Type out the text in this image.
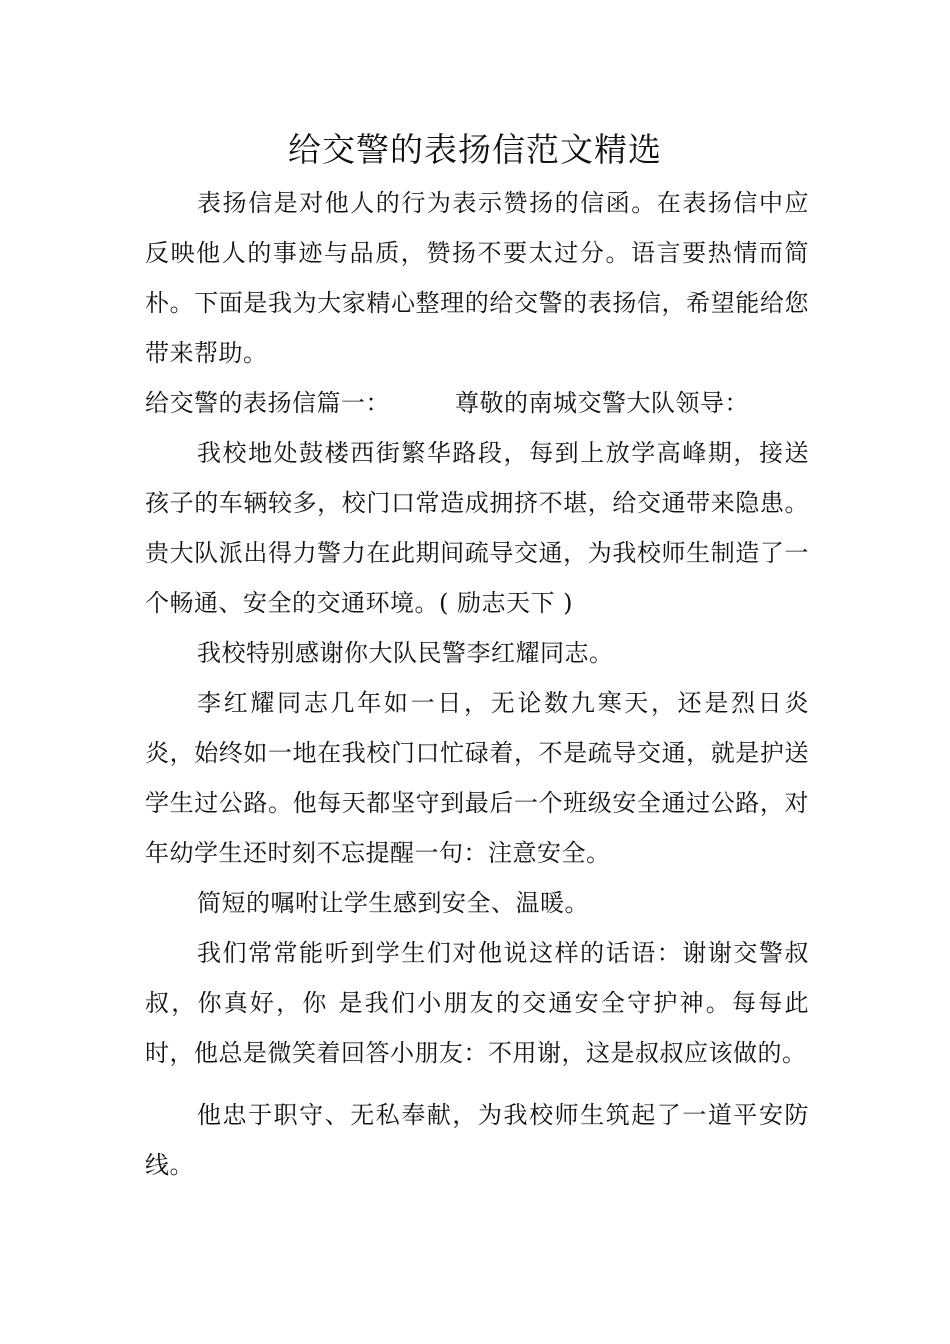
给交警的表扬信范文精选

表扬信是对他人的行为表示赞扬的信函。在表扬信中应反映他人的事迹与品质，赞扬不要太过分。语言要热情而简朴。下面是我为大家精心整理的给交警的表扬信，希望能给您带来帮助。

给交警的表扬信篇一：        尊敬的南城交警大队领导：

我校地处鼓楼西街繁华路段，每到上放学高峰期，接送孩子的车辆较多，校门口常造成拥挤不堪，给交通带来隐患。贵大队派出得力警力在此期间疏导交通，为我校师生制造了一个畅通、安全的交通环境。( 励志天下 )

我校特别感谢你大队民警李红耀同志。

李红耀同志几年如一日，无论数九寒天，还是烈日炎炎，始终如一地在我校门口忙碌着，不是疏导交通，就是护送学生过公路。他每天都坚守到最后一个班级安全通过公路，对年幼学生还时刻不忘提醒一句：注意安全。

简短的嘱咐让学生感到安全、温暖。

我们常常能听到学生们对他说这样的话语：谢谢交警叔叔，你真好，你 是我们小朋友的交通安全守护神。每每此时，他总是微笑着回答小朋友：不用谢，这是叔叔应该做的。

他忠于职守、无私奉献，为我校师生筑起了一道平安防线。
